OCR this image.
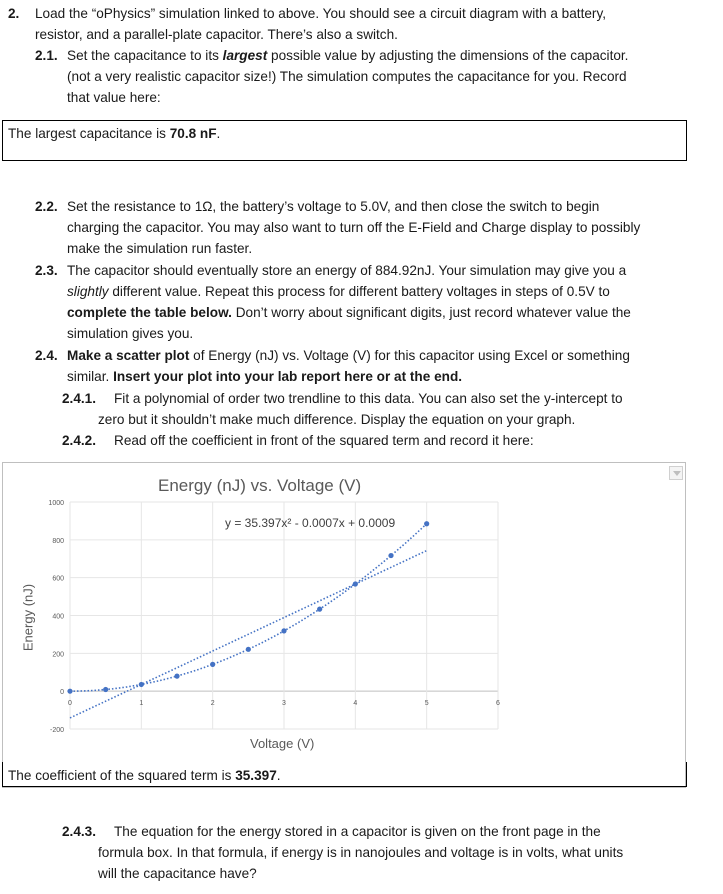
2. Load the “oPhysics” simulation linked to above. You should see a circuit diagram with a battery,
resistor, and a parallel-plate capacitor. There’s also a switch.
2.1. Set the capacitance to its largest possible value by adjusting the dimensions of the capacitor.
(not a very realistic capacitor size!) The simulation computes the capacitance for you. Record
that value here:
The largest capacitance is 70.8 nF.
2.2. Set the resistance to 1Ω, the battery’s voltage to 5.0V, and then close the switch to begin
charging the capacitor. You may also want to turn off the E-Field and Charge display to possibly
make the simulation run faster.
2.3. The capacitor should eventually store an energy of 884.92nJ. Your simulation may give you a
slightly different value. Repeat this process for different battery voltages in steps of 0.5V to
complete the table below. Don’t worry about significant digits, just record whatever value the
simulation gives you.
2.4. Make a scatter plot of Energy (nJ) vs. Voltage (V) for this capacitor using Excel or something
similar. Insert your plot into your lab report here or at the end.
2.4.1. Fit a polynomial of order two trendline to this data. You can also set the y-intercept to
zero but it shouldn’t make much difference. Display the equation on your graph.
2.4.2. Read off the coefficient in front of the squared term and record it here:
-200
0
200
400
600
800
1000
0	1	2	3	4	5	6
y = 35.397x² - 0.0007x + 0.0009
Energy (nJ) vs. Voltage (V)
Voltage (V)
Energy (nJ)
The coefficient of the squared term is 35.397.
2.4.3. The equation for the energy stored in a capacitor is given on the front page in the
formula box. In that formula, if energy is in nanojoules and voltage is in volts, what units
will the capacitance have?
